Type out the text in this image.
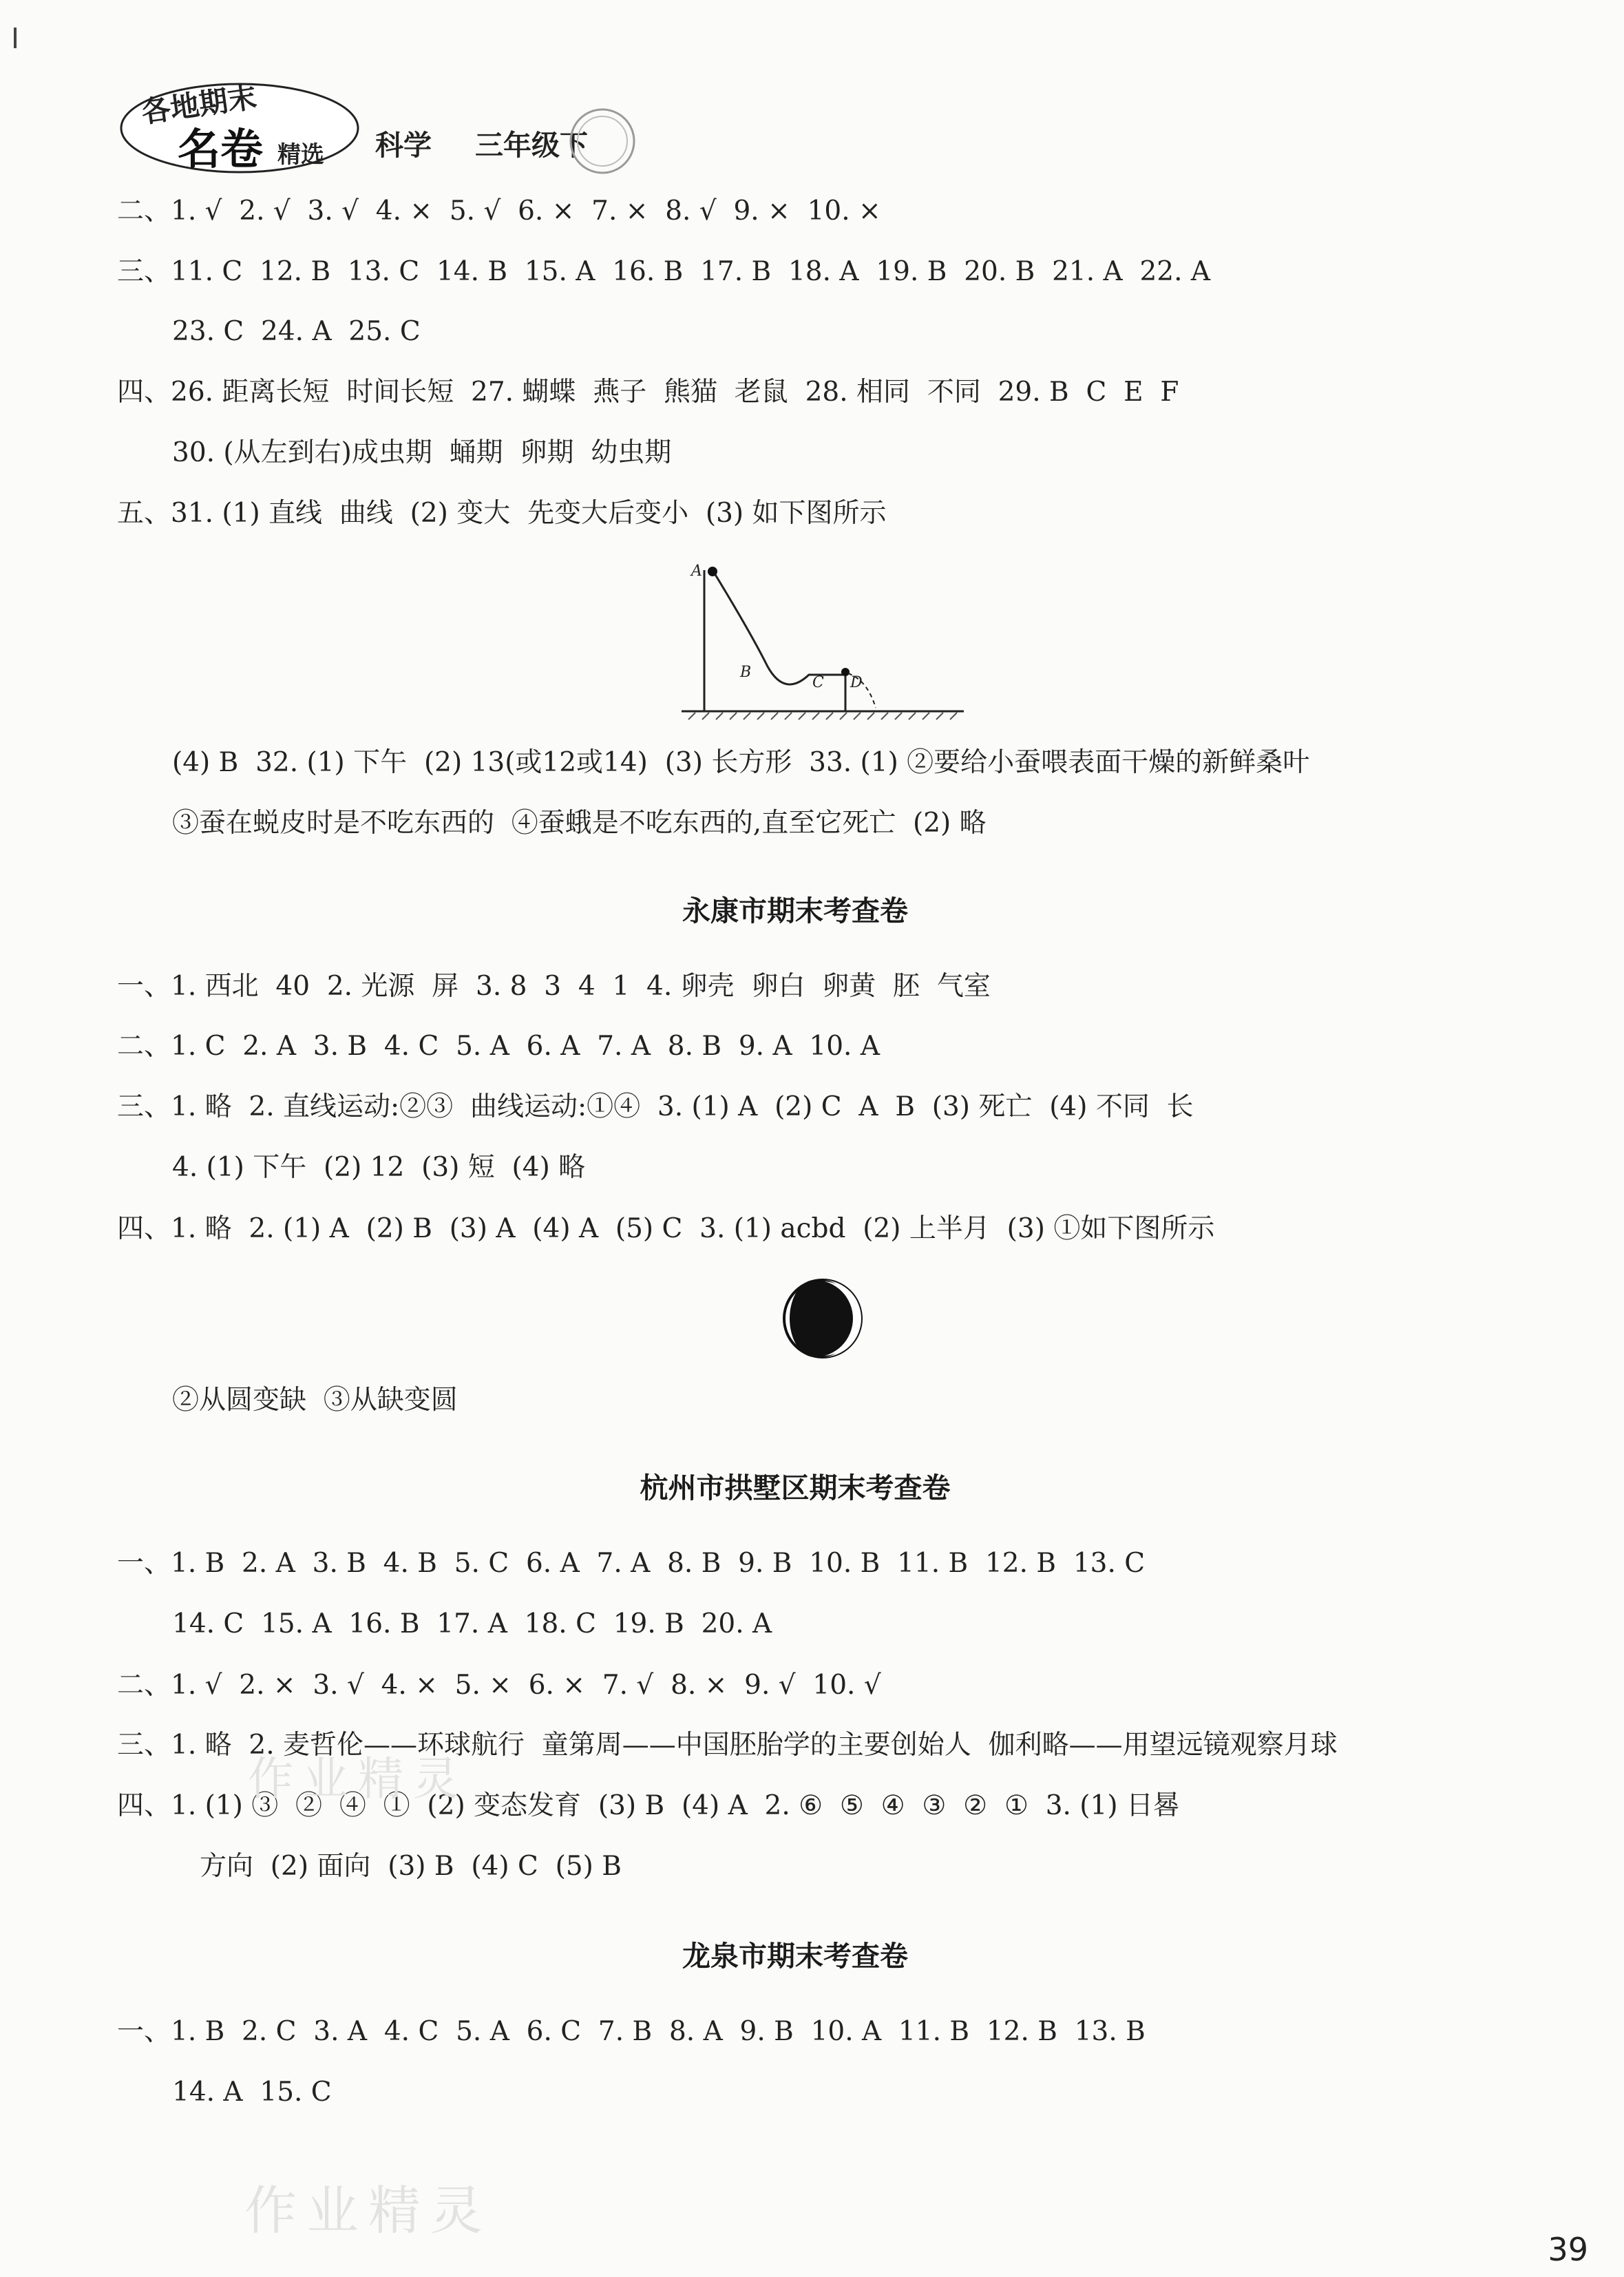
各地期末
名卷 精选 科学 三年级下
二、1. √  2. √  3. √  4. ×  5. √  6. ×  7. ×  8. √  9. ×  10. ×
三、11. C  12. B  13. C  14. B  15. A  16. B  17. B  18. A  19. B  20. B  21. A  22. A
23. C  24. A  25. C
四、26. 距离长短  时间长短  27. 蝴蝶  燕子  熊猫  老鼠  28. 相同  不同  29. B  C  E  F
30. (从左到右)成虫期  蛹期  卵期  幼虫期
五、31. (1) 直线  曲线  (2) 变大  先变大后变小  (3) 如下图所示
A
B
C D
(4) B  32. (1) 下午  (2) 13(或12或14)  (3) 长方形  33. (1) ②要给小蚕喂表面干燥的新鲜桑叶
③蚕在蜕皮时是不吃东西的  ④蚕蛾是不吃东西的,直至它死亡  (2) 略
永康市期末考查卷
一、1. 西北  40  2. 光源  屏  3. 8  3  4  1  4. 卵壳  卵白  卵黄  胚  气室
二、1. C  2. A  3. B  4. C  5. A  6. A  7. A  8. B  9. A  10. A
三、1. 略  2. 直线运动:②③  曲线运动:①④  3. (1) A  (2) C  A  B  (3) 死亡  (4) 不同  长
4. (1) 下午  (2) 12  (3) 短  (4) 略
四、1. 略  2. (1) A  (2) B  (3) A  (4) A  (5) C  3. (1) acbd  (2) 上半月  (3) ①如下图所示
②从圆变缺  ③从缺变圆
杭州市拱墅区期末考查卷
一、1. B  2. A  3. B  4. B  5. C  6. A  7. A  8. B  9. B  10. B  11. B  12. B  13. C
14. C  15. A  16. B  17. A  18. C  19. B  20. A
二、1. √  2. ×  3. √  4. ×  5. ×  6. ×  7. √  8. ×  9. √  10. √
三、1. 略  2. 麦哲伦——环球航行  童第周——中国胚胎学的主要创始人  伽利略——用望远镜观察月球
四、1. (1) ③  ②  ④  ①  (2) 变态发育  (3) B  (4) A  2. ⑥  ⑤  ④  ③  ②  ①  3. (1) 日晷
方向  (2) 面向  (3) B  (4) C  (5) B
龙泉市期末考查卷
一、1. B  2. C  3. A  4. C  5. A  6. C  7. B  8. A  9. B  10. A  11. B  12. B  13. B
14. A  15. C
作业精灵
作业精灵
39
